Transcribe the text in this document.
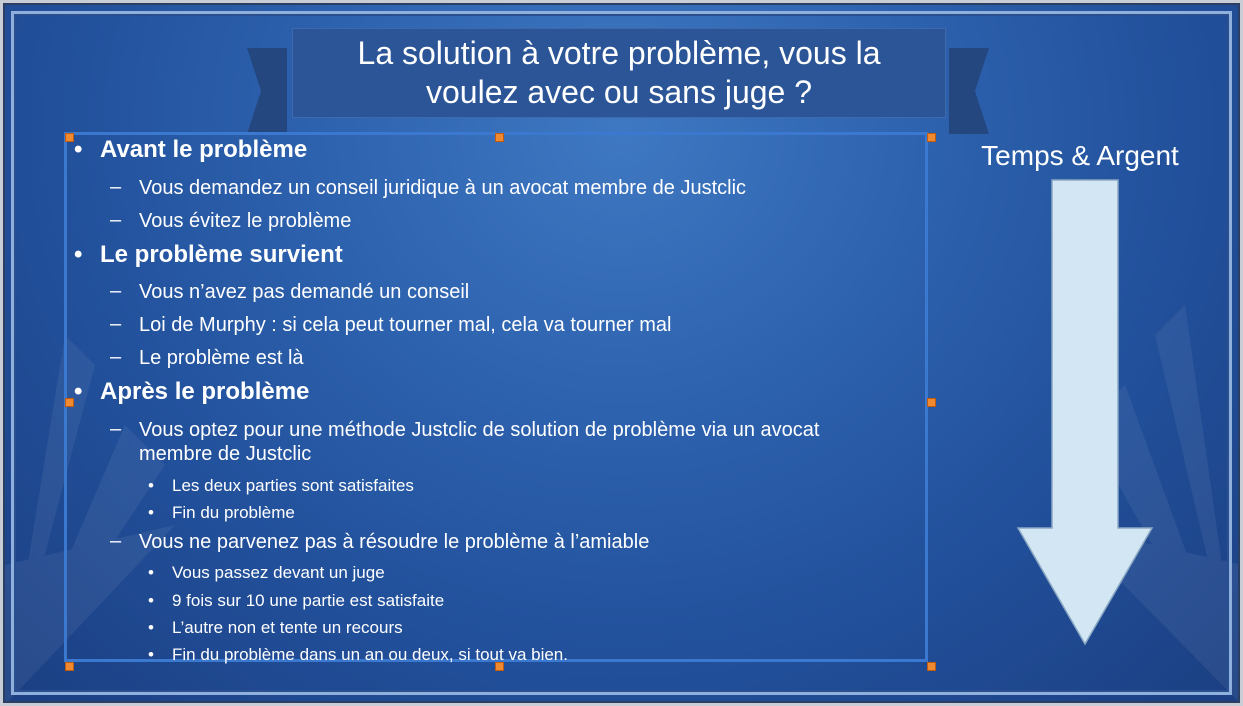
La solution à votre problème, vous la voulez avec ou sans juge ?
• Avant le problème
– Vous demandez un conseil juridique à un avocat membre de Justclic
– Vous évitez le problème
• Le problème survient
– Vous n’avez pas demandé un conseil
– Loi de Murphy : si cela peut tourner mal, cela va tourner mal
– Le problème est là
• Après le problème
– Vous optez pour une méthode Justclic de solution de problème via un avocat
membre de Justclic
• Les deux parties sont satisfaites
• Fin du problème
– Vous ne parvenez pas à résoudre le problème à l’amiable
• Vous passez devant un juge
• 9 fois sur 10 une partie est satisfaite
• L’autre non et tente un recours
• Fin du problème dans un an ou deux, si tout va bien.
Temps & Argent
